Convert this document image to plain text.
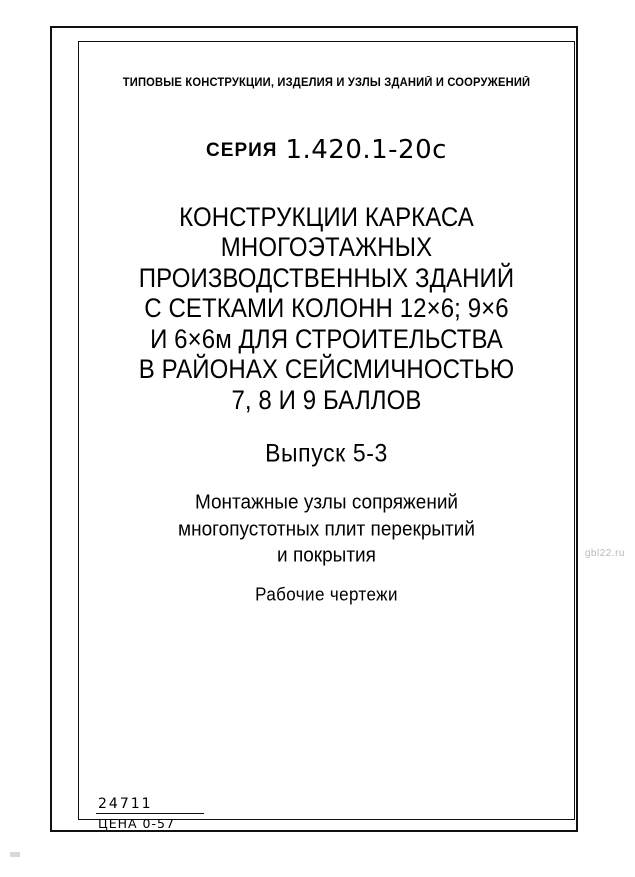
ТИПОВЫЕ КОНСТРУКЦИИ, ИЗДЕЛИЯ И УЗЛЫ ЗДАНИЙ И СООРУЖЕНИЙ
СЕРИЯ 1.420.1-20с
КОНСТРУКЦИИ КАРКАСА
МНОГОЭТАЖНЫХ
ПРОИЗВОДСТВЕННЫХ ЗДАНИЙ
С СЕТКАМИ КОЛОНН 12×6; 9×6
И 6×6м ДЛЯ СТРОИТЕЛЬСТВА
В РАЙОНАХ СЕЙСМИЧНОСТЬЮ
7, 8 И 9 БАЛЛОВ
Выпуск 5-3
Монтажные узлы сопряжений
многопустотных плит перекрытий
и покрытия
Рабочие чертежи
24711
ЦЕНА 0-57
gbl22.ru
